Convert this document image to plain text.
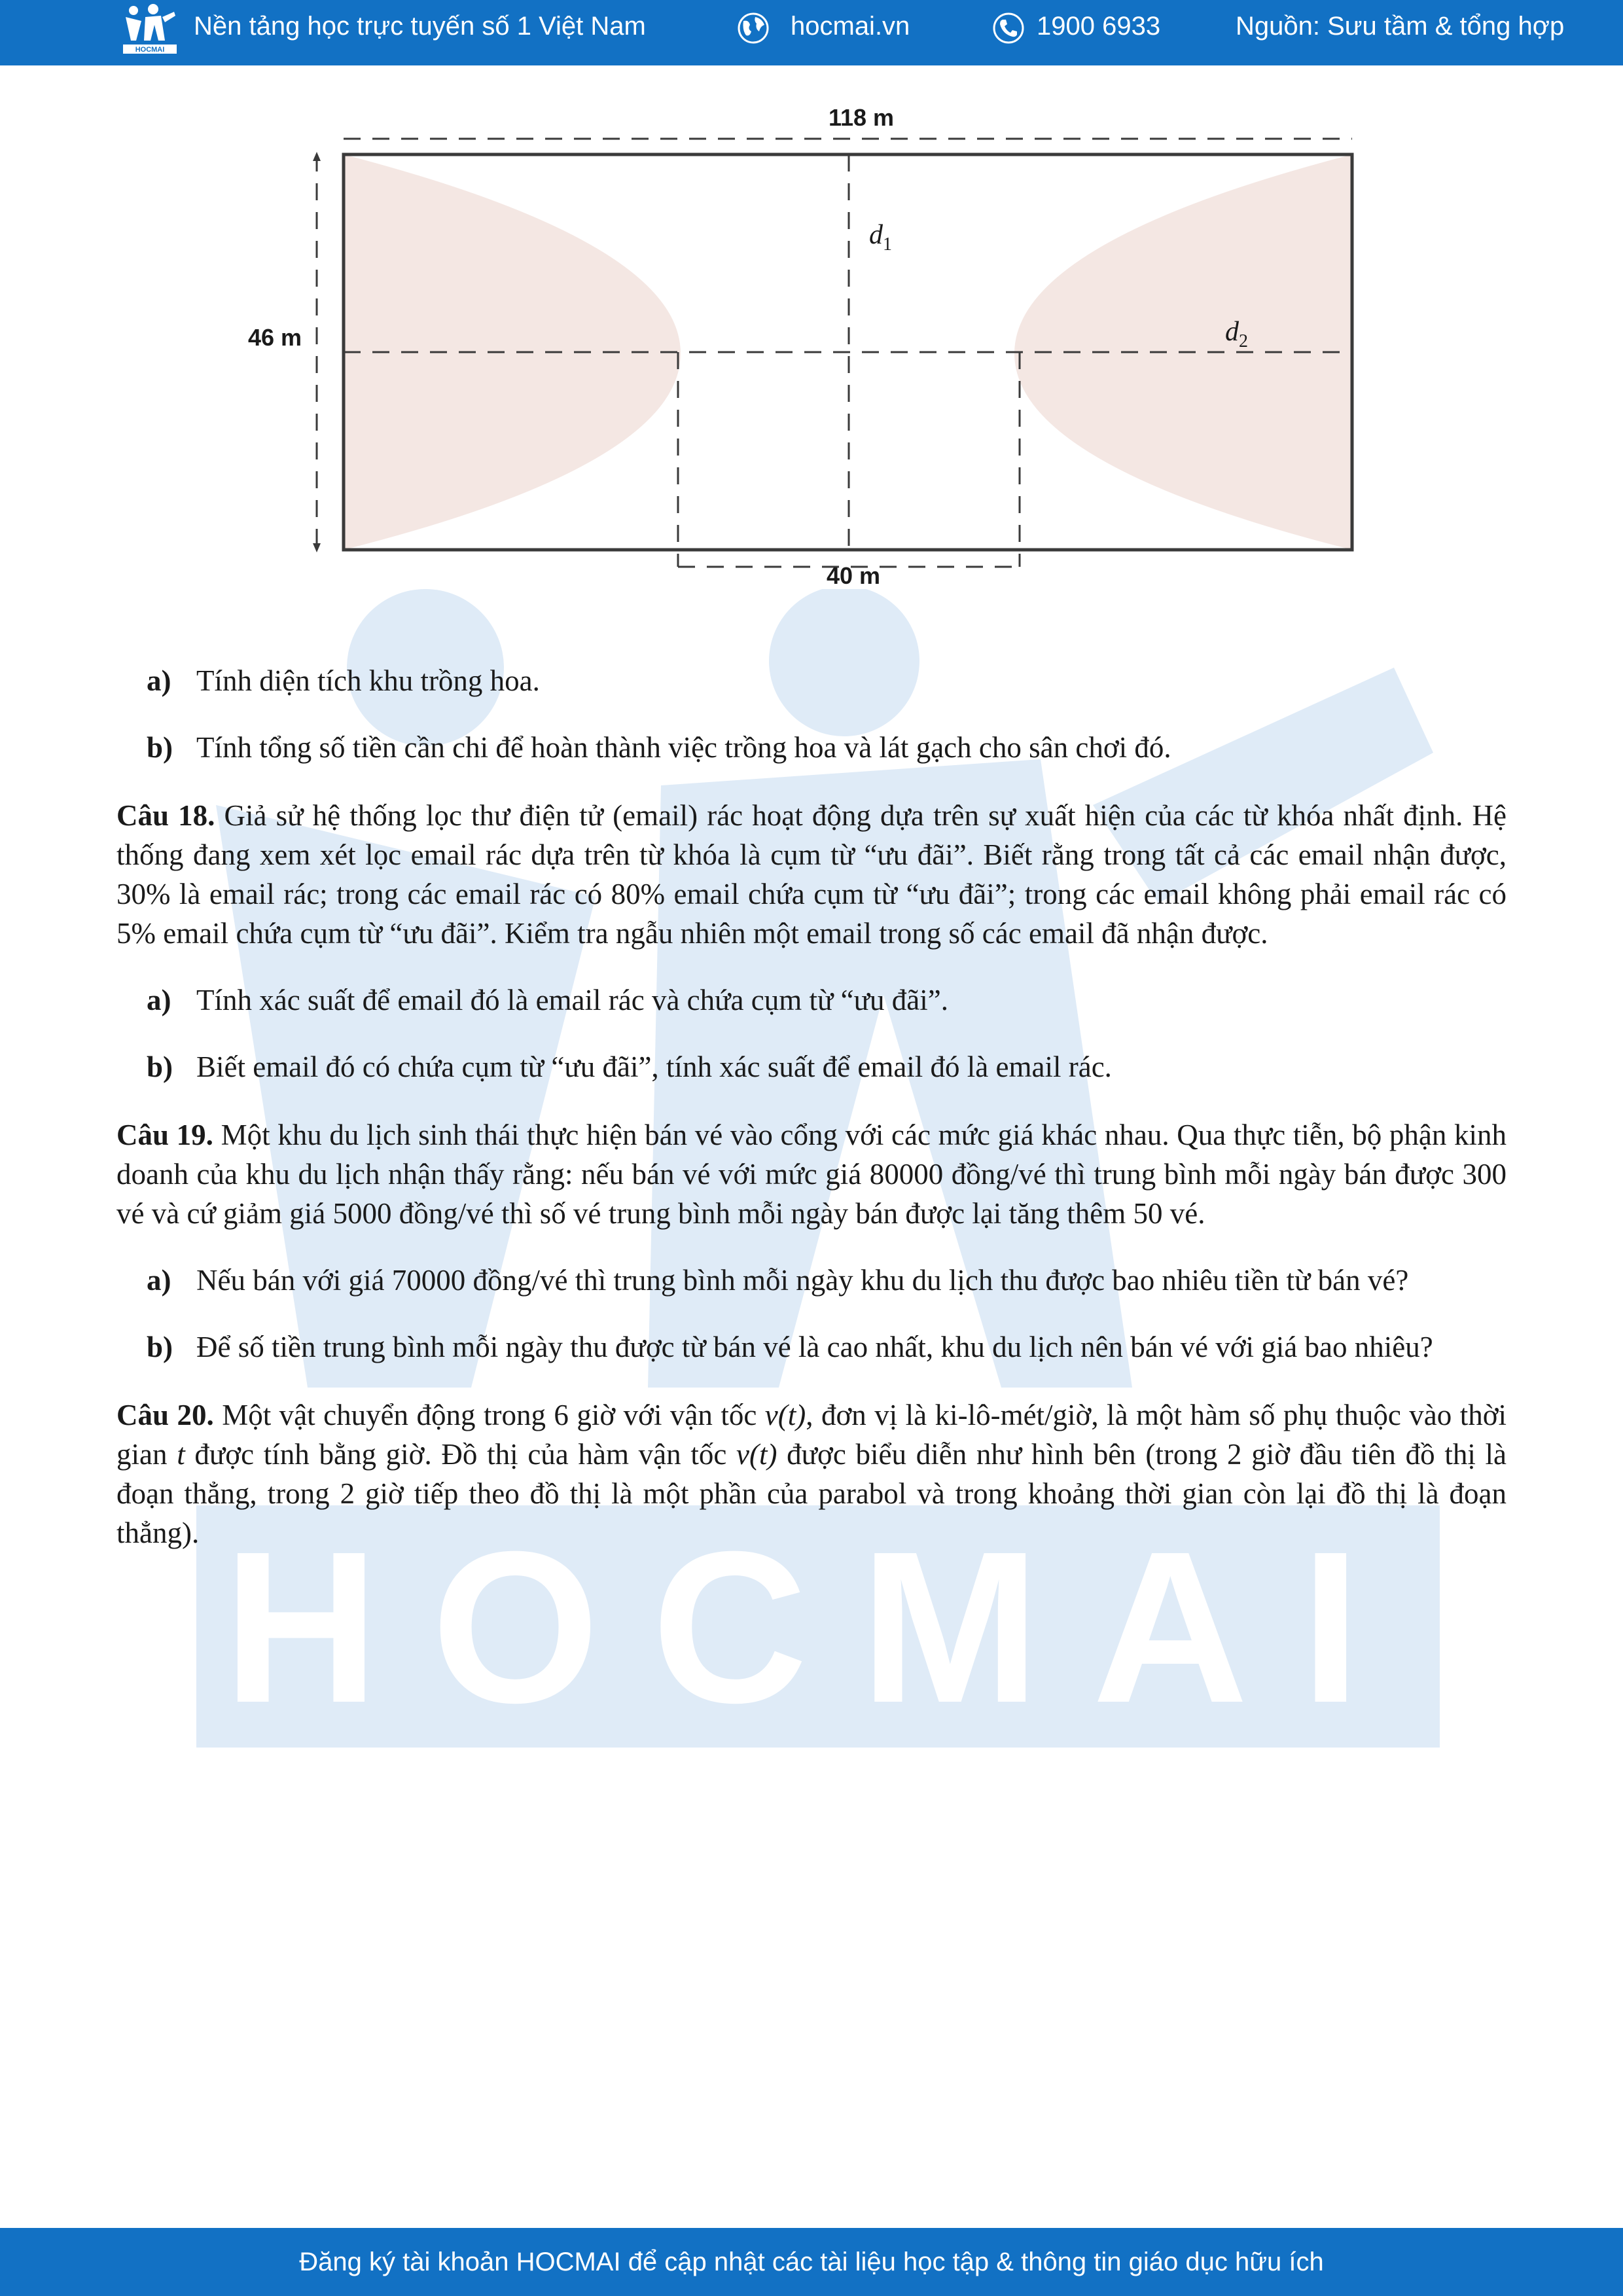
HOCMAI
Nền tảng học trực tuyến số 1 Việt Nam	hocmai.vn	1900 6933	Nguồn: Sưu tầm & tổng hợp
HOCMAI
118 m
46 m
40 m
$d_1$
$d_2$
a) Tính diện tích khu trồng hoa.
b) Tính tổng số tiền cần chi để hoàn thành việc trồng hoa và lát gạch cho sân chơi đó.

Câu 18. Giả sử hệ thống lọc thư điện tử (email) rác hoạt động dựa trên sự xuất hiện của các từ khóa nhất định. Hệ thống đang xem xét lọc email rác dựa trên từ khóa là cụm từ “ưu đãi”. Biết rằng trong tất cả các email nhận được, 30% là email rác; trong các email rác có 80% email chứa cụm từ “ưu đãi”; trong các email không phải email rác có 5% email chứa cụm từ “ưu đãi”. Kiểm tra ngẫu nhiên một email trong số các email đã nhận được.

a) Tính xác suất để email đó là email rác và chứa cụm từ “ưu đãi”.
b) Biết email đó có chứa cụm từ “ưu đãi”, tính xác suất để email đó là email rác.

Câu 19. Một khu du lịch sinh thái thực hiện bán vé vào cổng với các mức giá khác nhau. Qua thực tiễn, bộ phận kinh doanh của khu du lịch nhận thấy rằng: nếu bán vé với mức giá 80000 đồng/vé thì trung bình mỗi ngày bán được 300 vé và cứ giảm giá 5000 đồng/vé thì số vé trung bình mỗi ngày bán được lại tăng thêm 50 vé.

a) Nếu bán với giá 70000 đồng/vé thì trung bình mỗi ngày khu du lịch thu được bao nhiêu tiền từ bán vé?
b) Để số tiền trung bình mỗi ngày thu được từ bán vé là cao nhất, khu du lịch nên bán vé với giá bao nhiêu?

Câu 20. Một vật chuyển động trong 6 giờ với vận tốc v(t), đơn vị là ki-lô-mét/giờ, là một hàm số phụ thuộc vào thời gian t được tính bằng giờ. Đồ thị của hàm vận tốc v(t) được biểu diễn như hình bên (trong 2 giờ đầu tiên đồ thị là đoạn thẳng, trong 2 giờ tiếp theo đồ thị là một phần của parabol và trong khoảng thời gian còn lại đồ thị là đoạn thẳng).

Đăng ký tài khoản HOCMAI để cập nhật các tài liệu học tập & thông tin giáo dục hữu ích
